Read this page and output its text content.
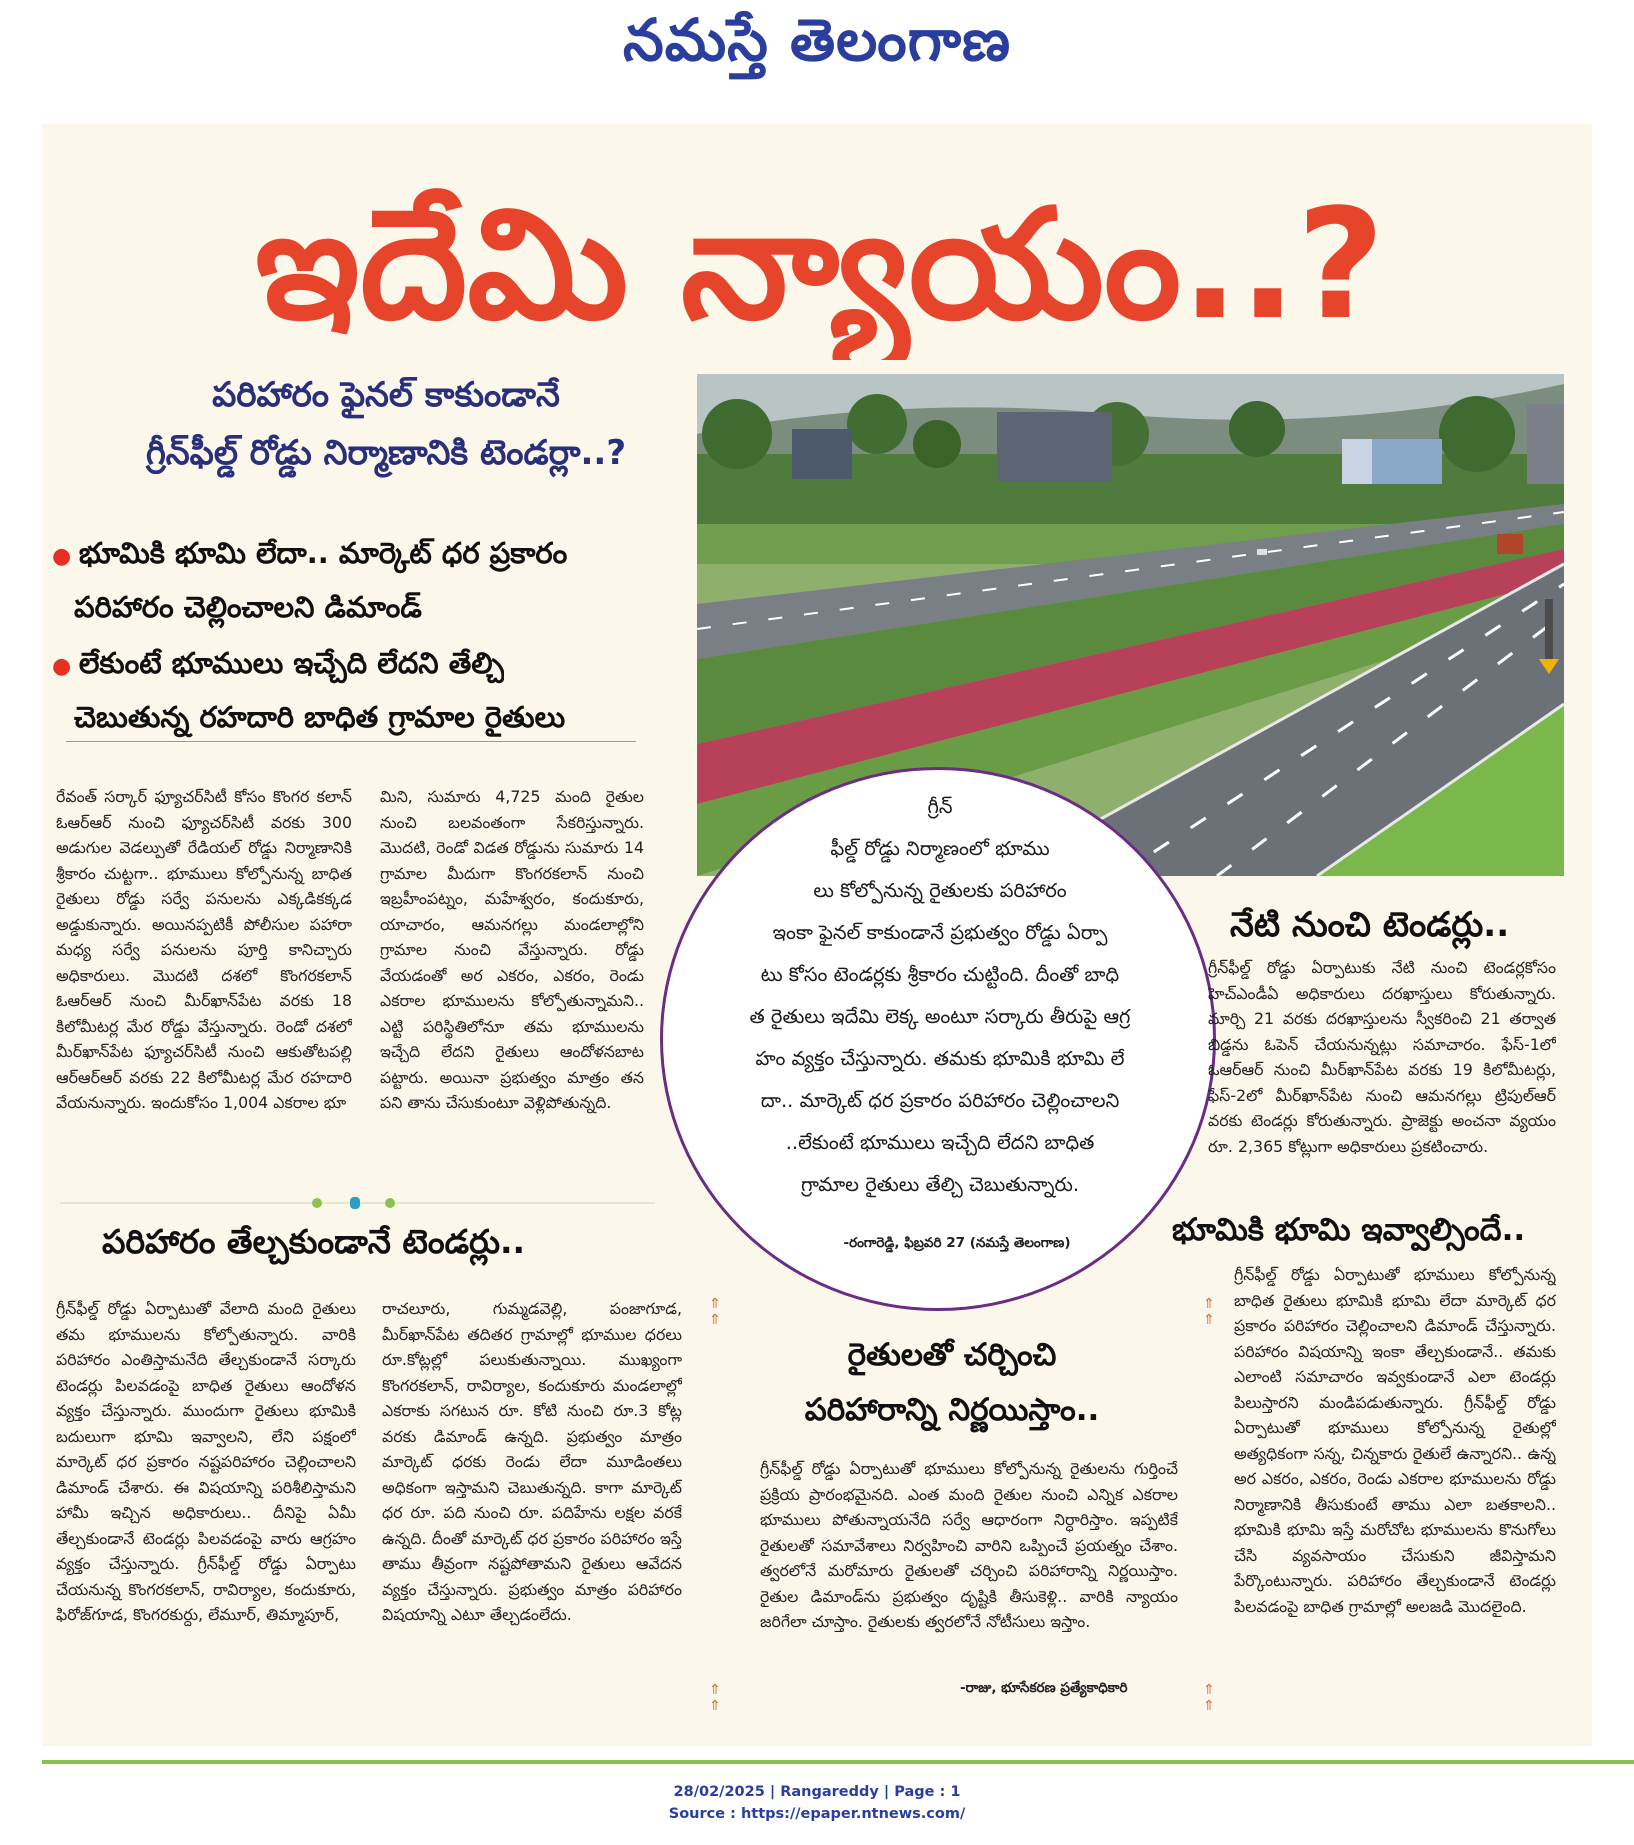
నమస్తే తెలంగాణ
ఇదేమి న్యాయం..?
పరిహారం ఫైనల్ కాకుండానే
గ్రీన్‌ఫీల్డ్ రోడ్డు నిర్మాణానికి టెండర్లా..?
● భూమికి భూమి లేదా.. మార్కెట్ ధర ప్రకారం
పరిహారం చెల్లించాలని డిమాండ్
● లేకుంటే భూములు ఇచ్చేది లేదని తేల్చి
చెబుతున్న రహదారి బాధిత గ్రామాల రైతులు

రేవంత్ సర్కార్ ఫ్యూచర్‌సిటీ కోసం కొంగర కలాన్ ఓఆర్‌ఆర్ నుంచి ఫ్యూచర్‌సిటీ వరకు 300 అడుగుల వెడల్పుతో రేడియల్ రోడ్డు నిర్మాణానికి శ్రీకారం చుట్టగా.. భూములు కోల్పోనున్న బాధిత రైతులు రోడ్డు సర్వే పనులను ఎక్కడికక్కడ అడ్డుకున్నారు. అయినప్పటికీ పోలీసుల పహారా మధ్య సర్వే పనులను పూర్తి కానిచ్చారు అధికారులు. మొదటి దశలో కొంగరకలాన్ ఓఆర్‌ఆర్ నుంచి మీర్‌ఖాన్‌పేట వరకు 18 కిలోమీటర్ల మేర రోడ్డు వేస్తున్నారు. రెండో దశలో మీర్‌ఖాన్‌పేట ఫ్యూచర్‌సిటీ నుంచి ఆకుతోటపల్లి ఆర్‌ఆర్‌ఆర్ వరకు 22 కిలోమీటర్ల మేర రహదారి వేయనున్నారు. ఇందుకోసం 1,004 ఎకరాల భూ

మిని, సుమారు 4,725 మంది రైతుల నుంచి బలవంతంగా సేకరిస్తున్నారు. మొదటి, రెండో విడత రోడ్డును సుమారు 14 గ్రామాల మీదుగా కొంగరకలాన్ నుంచి ఇబ్రహీంపట్నం, మహేశ్వరం, కందుకూరు, యాచారం, ఆమనగల్లు మండలాల్లోని గ్రామాల నుంచి వేస్తున్నారు. రోడ్డు వేయడంతో అర ఎకరం, ఎకరం, రెండు ఎకరాల భూములను కోల్పోతున్నామని.. ఎట్టి పరిస్థితిలోనూ తమ భూములను ఇచ్చేది లేదని రైతులు ఆందోళనబాట పట్టారు. అయినా ప్రభుత్వం మాత్రం తన పని తాను చేసుకుంటూ వెళ్లిపోతున్నది.

పరిహారం తేల్చకుండానే టెండర్లు..

గ్రీన్

ఫీల్డ్ రోడ్డు నిర్మాణంలో భూము

లు కోల్పోనున్న రైతులకు పరిహారం

ఇంకా ఫైనల్ కాకుండానే ప్రభుత్వం రోడ్డు ఏర్పా

టు కోసం టెండర్లకు శ్రీకారం చుట్టింది. దీంతో బాధి

త రైతులు ఇదేమి లెక్క అంటూ సర్కారు తీరుపై ఆగ్ర

హం వ్యక్తం చేస్తున్నారు. తమకు భూమికి భూమి లే

దా.. మార్కెట్ ధర ప్రకారం పరిహారం చెల్లించాలని

..లేకుంటే భూములు ఇచ్చేది లేదని బాధిత

గ్రామాల రైతులు తేల్చి చెబుతున్నారు.

-రంగారెడ్డి, ఫిబ్రవరి 27 (నమస్తే తెలంగాణ)
నేటి నుంచి టెండర్లు..

గ్రీన్‌ఫీల్డ్ రోడ్డు ఏర్పాటుకు నేటి నుంచి టెండర్లకోసం హెచ్‌ఎండీఏ అధికారులు దరఖాస్తులు కోరుతున్నారు. మార్చి 21 వరకు దరఖాస్తులను స్వీకరించి 21 తర్వాత బిడ్డను ఓపెన్ చేయనున్నట్లు సమాచారం. ఫేస్-1లో ఓఆర్‌ఆర్ నుంచి మీర్‌ఖాన్‌పేట వరకు 19 కిలోమీటర్లు, ఫేస్-2లో మీర్‌ఖాన్‌పేట నుంచి ఆమనగల్లు ట్రిపుల్‌ఆర్ వరకు టెండర్లు కోరుతున్నారు. ప్రాజెక్టు అంచనా వ్యయం రూ. 2,365 కోట్లుగా అధికారులు ప్రకటించారు.

భూమికి భూమి ఇవ్వాల్సిందే..

గ్రీన్‌ఫీల్డ్ రోడ్డు ఏర్పాటుతో వేలాది మంది రైతులు తమ భూములను కోల్పోతున్నారు. వారికి పరిహారం ఎంతిస్తామనేది తేల్చకుండానే సర్కారు టెండర్లు పిలవడంపై బాధిత రైతులు ఆందోళన వ్యక్తం చేస్తున్నారు. ముందుగా రైతులు భూమికి బదులుగా భూమి ఇవ్వాలని, లేని పక్షంలో మార్కెట్ ధర ప్రకారం నష్టపరిహారం చెల్లించాలని డిమాండ్ చేశారు. ఈ విషయాన్ని పరిశీలిస్తామని హామీ ఇచ్చిన అధికారులు.. దీనిపై ఏమీ తేల్చకుండానే టెండర్లు పిలవడంపై వారు ఆగ్రహం వ్యక్తం చేస్తున్నారు. గ్రీన్‌ఫీల్డ్ రోడ్డు ఏర్పాటు చేయనున్న కొంగరకలాన్, రావిర్యాల, కందుకూరు, ఫిరోజ్‌గూడ, కొంగరకుర్దు, లేమూర్, తిమ్మాపూర్,

రాచలూరు, గుమ్మడవెల్లి, పంజాగూడ, మీర్‌ఖాన్‌పేట తదితర గ్రామాల్లో భూముల ధరలు రూ.కోట్లల్లో పలుకుతున్నాయి. ముఖ్యంగా కొంగరకలాన్, రావిర్యాల, కందుకూరు మండలాల్లో ఎకరాకు సగటున రూ. కోటి నుంచి రూ.3 కోట్ల వరకు డిమాండ్ ఉన్నది. ప్రభుత్వం మాత్రం మార్కెట్ ధరకు రెండు లేదా మూడింతలు అధికంగా ఇస్తామని చెబుతున్నది. కాగా మార్కెట్ ధర రూ. పది నుంచి రూ. పదిహేను లక్షల వరకే ఉన్నది. దీంతో మార్కెట్ ధర ప్రకారం పరిహారం ఇస్తే తాము తీవ్రంగా నష్టపోతామని రైతులు ఆవేదన వ్యక్తం చేస్తున్నారు. ప్రభుత్వం మాత్రం పరిహారం విషయాన్ని ఎటూ తేల్చడంలేదు.

⇑
⇑
⇑
⇑
రైతులతో చర్చించి
పరిహారాన్ని నిర్ణయిస్తాం..

గ్రీన్‌ఫీల్డ్ రోడ్డు ఏర్పాటుతో భూములు కోల్పోనున్న రైతులను గుర్తించే ప్రక్రియ ప్రారంభమైనది. ఎంత మంది రైతుల నుంచి ఎన్నిక ఎకరాల భూములు పోతున్నాయనేది సర్వే ఆధారంగా నిర్ధారిస్తాం. ఇప్పటికే రైతులతో సమావేశాలు నిర్వహించి వారిని ఒప్పించే ప్రయత్నం చేశాం. త్వరలోనే మరోమారు రైతులతో చర్చించి పరిహారాన్ని నిర్ణయిస్తాం. రైతుల డిమాండ్‌ను ప్రభుత్వం దృష్టికి తీసుకెళ్లి.. వారికి న్యాయం జరిగేలా చూస్తాం. రైతులకు త్వరలోనే నోటీసులు ఇస్తాం.

-రాజు, భూసేకరణ ప్రత్యేకాధికారి
⇑
⇑
⇑
⇑

గ్రీన్‌ఫీల్డ్ రోడ్డు ఏర్పాటుతో భూములు కోల్పోనున్న బాధిత రైతులు భూమికి భూమి లేదా మార్కెట్ ధర ప్రకారం పరిహారం చెల్లించాలని డిమాండ్ చేస్తున్నారు. పరిహారం విషయాన్ని ఇంకా తేల్చకుండానే.. తమకు ఎలాంటి సమాచారం ఇవ్వకుండానే ఎలా టెండర్లు పిలుస్తారని మండిపడుతున్నారు. గ్రీన్‌ఫీల్డ్ రోడ్డు ఏర్పాటుతో భూములు కోల్పోనున్న రైతుల్లో అత్యధికంగా సన్న, చిన్నకారు రైతులే ఉన్నారని.. ఉన్న అర ఎకరం, ఎకరం, రెండు ఎకరాల భూములను రోడ్డు నిర్మాణానికి తీసుకుంటే తాము ఎలా బతకాలని.. భూమికి భూమి ఇస్తే మరోచోట భూములను కొనుగోలు చేసి వ్యవసాయం చేసుకుని జీవిస్తామని పేర్కొంటున్నారు. పరిహారం తేల్చకుండానే టెండర్లు పిలవడంపై బాధిత గ్రామాల్లో అలజడి మొదలైంది.

28/02/2025 | Rangareddy | Page : 1
Source : https://epaper.ntnews.com/
